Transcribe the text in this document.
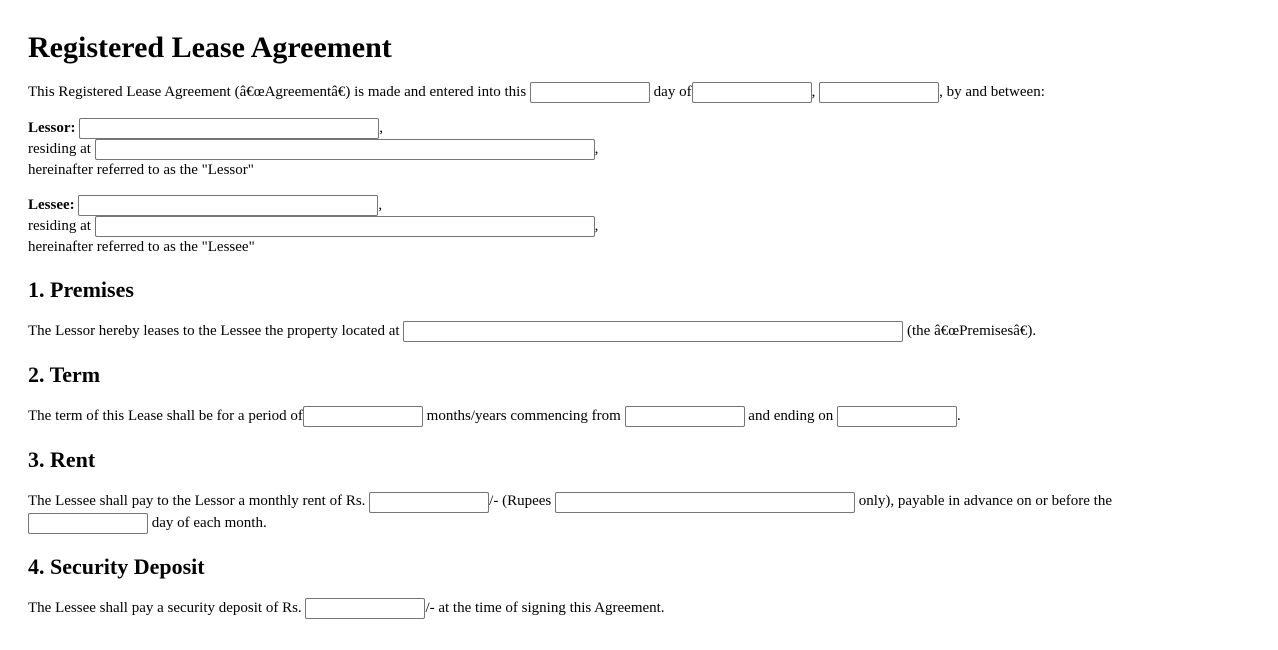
Registered Lease Agreement

This Registered Lease Agreement (â€œAgreementâ€) is made and entered into this	day of	,	, by and between:

Lessor:	,
residing at	,
hereinafter referred to as the "Lessor"
Lessee:	,
residing at	,
hereinafter referred to as the "Lessee"
1. Premises

The Lessor hereby leases to the Lessee the property located at	(the â€œPremisesâ€).

2. Term

The term of this Lease shall be for a period of	months/years commencing from	and ending on	.

3. Rent

The Lessee shall pay to the Lessor a monthly rent of Rs.	/- (Rupees	only), payable in advance on or before the
day of each month.

4. Security Deposit

The Lessee shall pay a security deposit of Rs.	/- at the time of signing this Agreement.
